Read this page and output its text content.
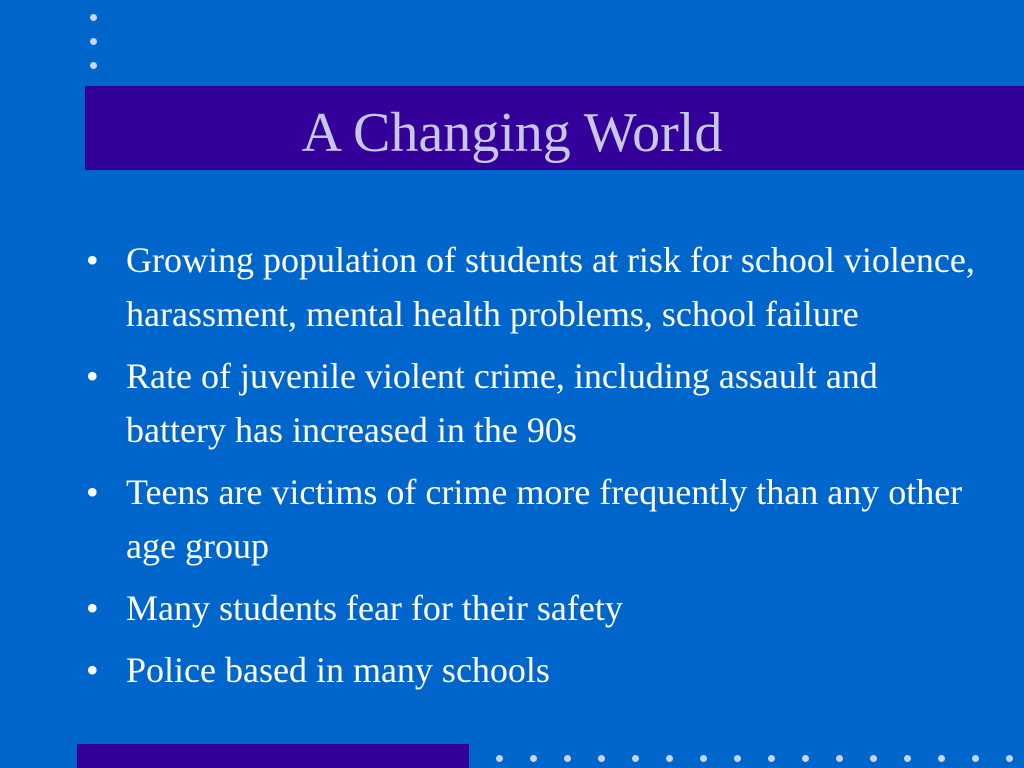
A Changing World
• Growing population of students at risk for school violence, harassment, mental health problems, school failure
• Rate of juvenile violent crime, including assault and battery has increased in the 90s
• Teens are victims of crime more frequently than any other age group
• Many students fear for their safety
• Police based in many schools
